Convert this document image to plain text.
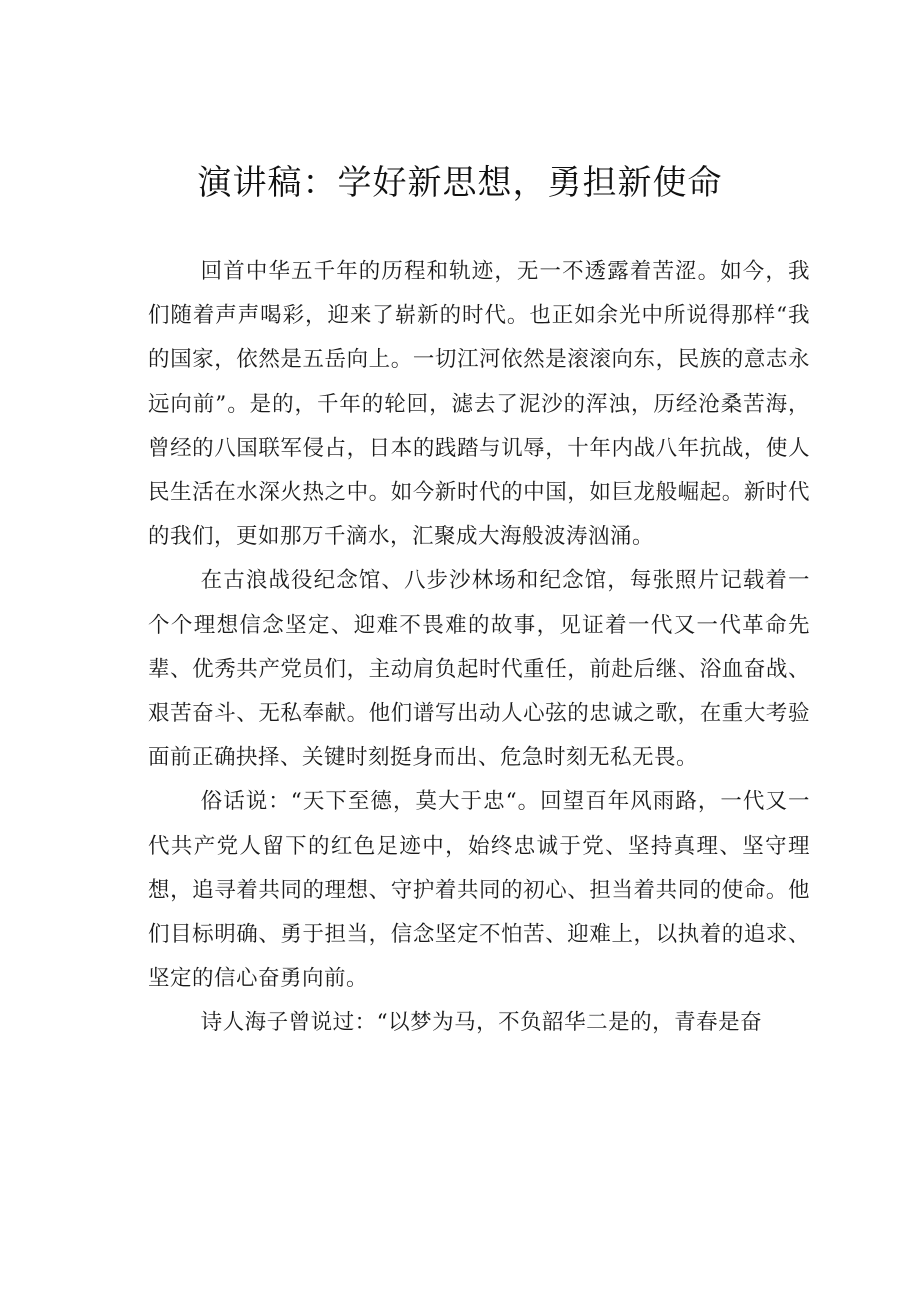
演讲稿：学好新思想，勇担新使命

回首中华五千年的历程和轨迹，无一不透露着苦涩。如今，我们随着声声喝彩，迎来了崭新的时代。也正如余光中所说得那样“我的国家，依然是五岳向上。一切江河依然是滚滚向东，民族的意志永远向前”。是的，千年的轮回，滤去了泥沙的浑浊，历经沧桑苦海，曾经的八国联军侵占，日本的践踏与讥辱，十年内战八年抗战，使人民生活在水深火热之中。如今新时代的中国，如巨龙般崛起。新时代的我们，更如那万千滴水，汇聚成大海般波涛汹涌。

在古浪战役纪念馆、八步沙林场和纪念馆，每张照片记载着一个个理想信念坚定、迎难不畏难的故事，见证着一代又一代革命先辈、优秀共产党员们，主动肩负起时代重任，前赴后继、浴血奋战、艰苦奋斗、无私奉献。他们谱写出动人心弦的忠诚之歌，在重大考验面前正确抉择、关键时刻挺身而出、危急时刻无私无畏。

俗话说：“天下至德，莫大于忠“。回望百年风雨路，一代又一代共产党人留下的红色足迹中，始终忠诚于党、坚持真理、坚守理想，追寻着共同的理想、守护着共同的初心、担当着共同的使命。他们目标明确、勇于担当，信念坚定不怕苦、迎难上，以执着的追求、坚定的信心奋勇向前。

诗人海子曾说过：“以梦为马，不负韶华二是的，青春是奋
